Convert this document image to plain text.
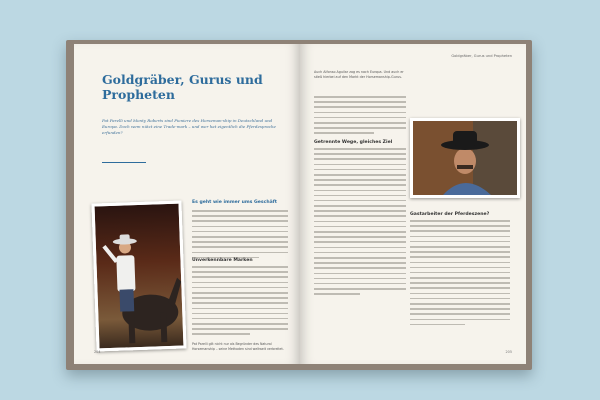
Goldgräber, Gurus und Propheten

Pat Parelli und Monty Roberts sind Pioniere des Horseman-ship in Deutschland und Europa. Doch wem nützt eine Trade-mark – und wer hat eigentlich die Pferdesprache erfunden?

Es geht wie immer ums Geschäft

Unverkennbare Marken

Pat Parelli gilt nicht nur als Begründer des Natural Horsemanship – seine Methoden sind weltweit verbreitet.

204

Goldgräber, Gurus und Propheten

Auch Alfonso Aguilar zog es nach Europa. Und auch er stieß hierbei auf den Markt der Horsemanship-Gurus.

Getrennte Wege, gleiches Ziel

Gastarbeiter der Pferdeszene?

205
